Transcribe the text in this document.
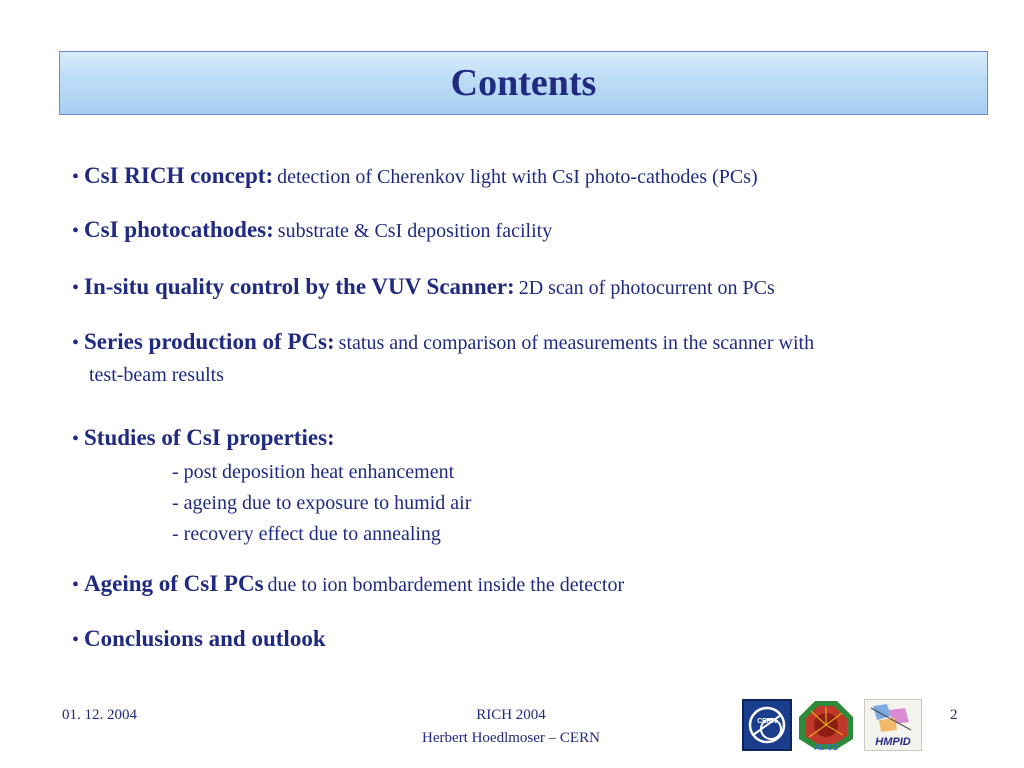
Contents
• CsI RICH concept: detection of Cherenkov light with CsI photo-cathodes (PCs)
• CsI photocathodes: substrate & CsI deposition facility
• In-situ quality control by the VUV Scanner: 2D scan of photocurrent on PCs
• Series production of PCs: status and comparison of measurements in the scanner with
test-beam results
• Studies of CsI properties:
- post deposition heat enhancement
- ageing due to exposure to humid air
- recovery effect due to annealing
• Ageing of CsI PCs due to ion bombardement inside the detector
• Conclusions and outlook
01. 12. 2004	RICH 2004
Herbert Hoedlmoser – CERN
2
CERN
ALICE	HMPID
